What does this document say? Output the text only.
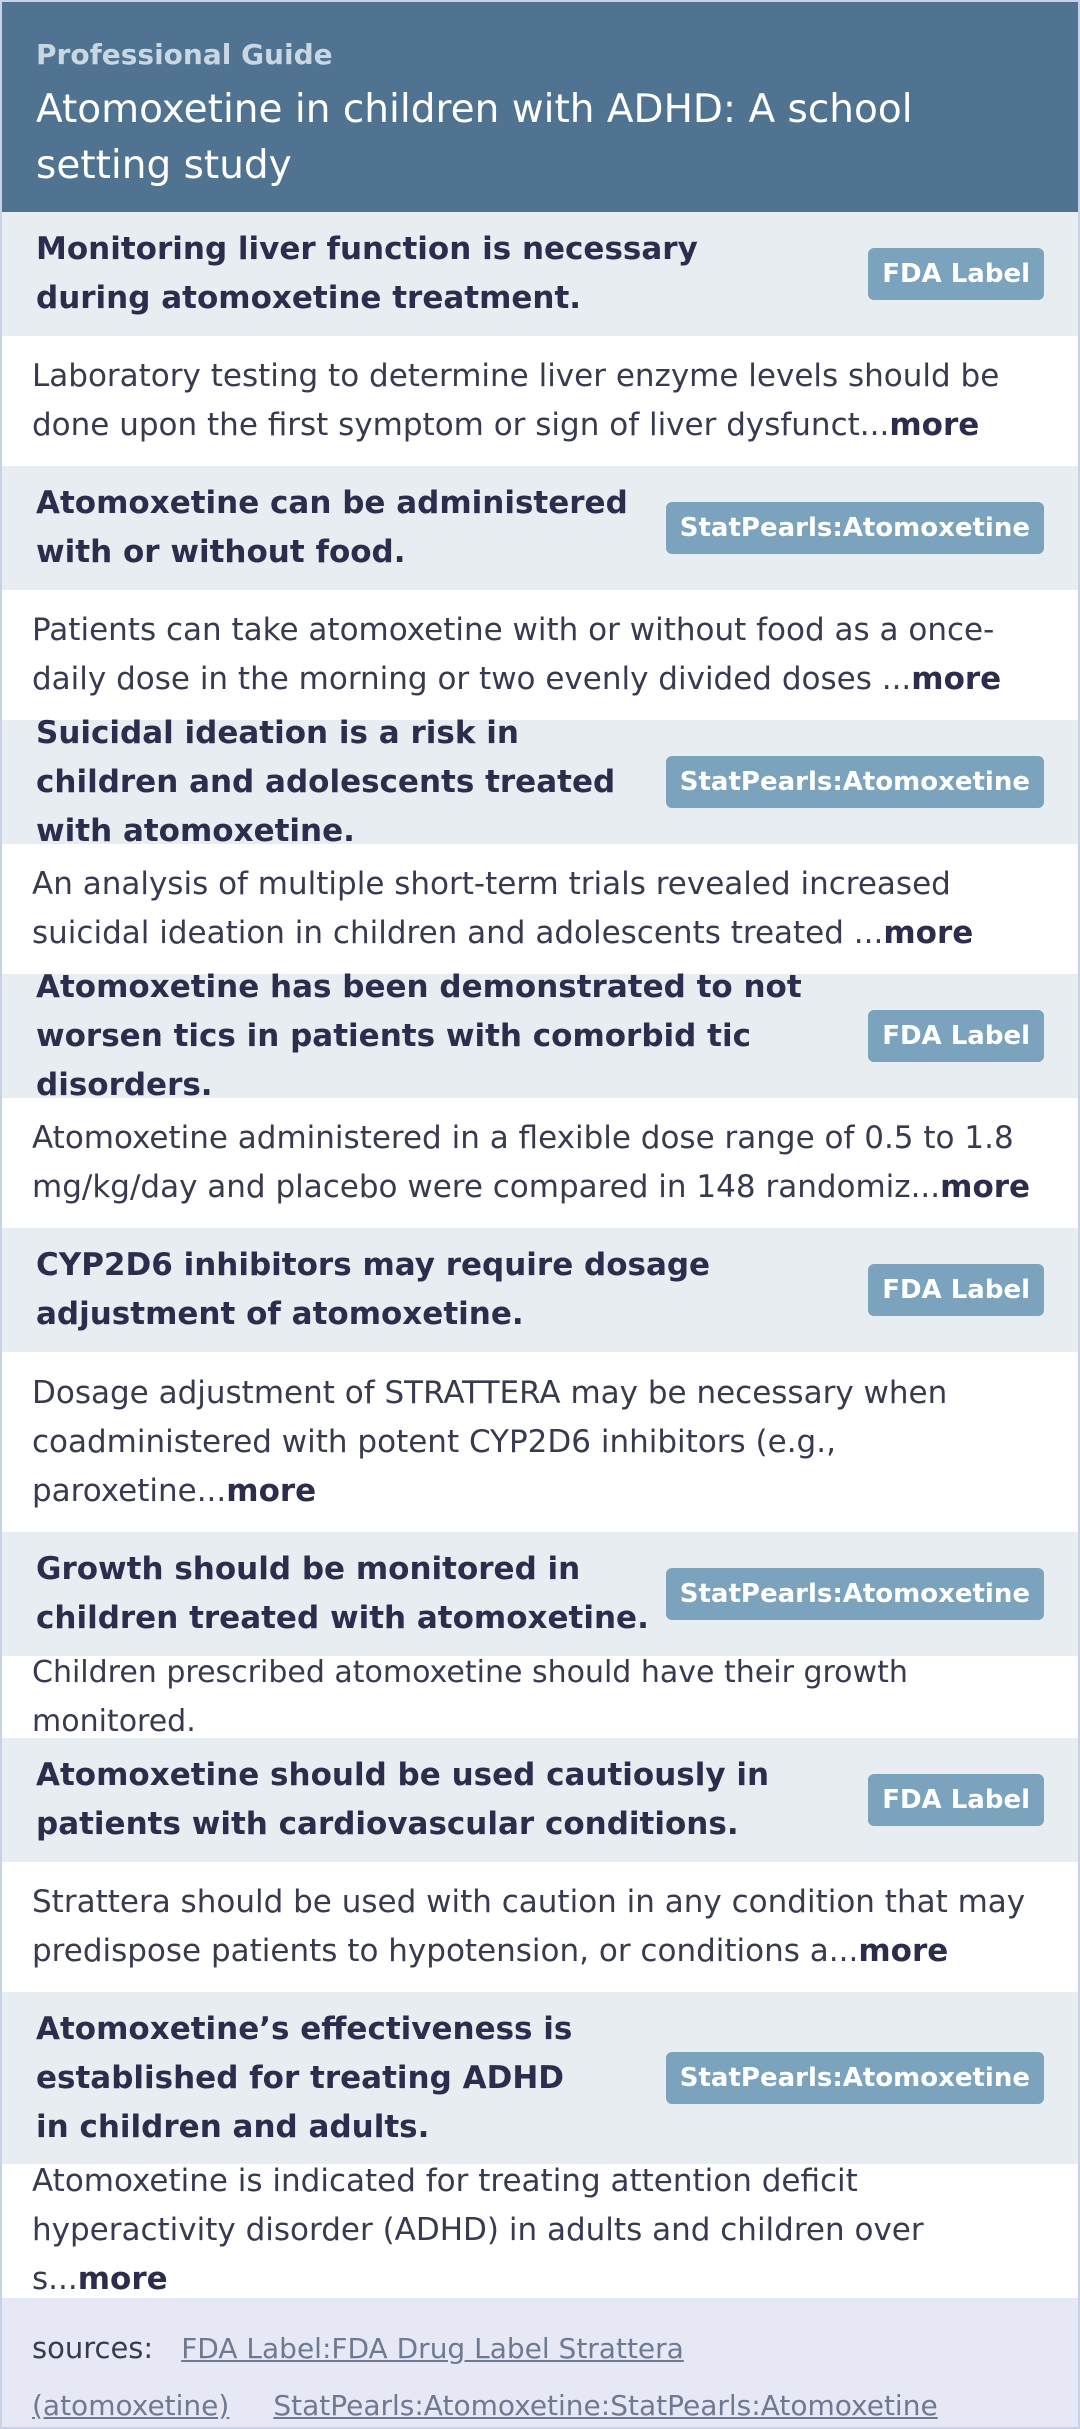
Professional Guide
Atomoxetine in children with ADHD: A school setting study
Monitoring liver function is necessary during atomoxetine treatment.
FDA Label
Laboratory testing to determine liver enzyme levels should be done upon the first symptom or sign of liver dysfunct...more
Atomoxetine can be administered with or without food.
StatPearls:Atomoxetine
Patients can take atomoxetine with or without food as a once-daily dose in the morning or two evenly divided doses ...more
Suicidal ideation is a risk in children and adolescents treated with atomoxetine.
StatPearls:Atomoxetine
An analysis of multiple short-term trials revealed increased suicidal ideation in children and adolescents treated ...more
Atomoxetine has been demonstrated to not worsen tics in patients with comorbid tic disorders.
FDA Label
Atomoxetine administered in a flexible dose range of 0.5 to 1.8 mg/kg/day and placebo were compared in 148 randomiz...more
CYP2D6 inhibitors may require dosage adjustment of atomoxetine.
FDA Label
Dosage adjustment of STRATTERA may be necessary when coadministered with potent CYP2D6 inhibitors (e.g., paroxetine...more
Growth should be monitored in children treated with atomoxetine.
StatPearls:Atomoxetine
Children prescribed atomoxetine should have their growth monitored.
Atomoxetine should be used cautiously in patients with cardiovascular conditions.
FDA Label
Strattera should be used with caution in any condition that may predispose patients to hypotension, or conditions a...more
Atomoxetine’s effectiveness is established for treating ADHD in children and adults.
StatPearls:Atomoxetine
Atomoxetine is indicated for treating attention deficit hyperactivity disorder (ADHD) in adults and children over s...more
sources: FDA Label:FDA Drug Label Strattera (atomoxetine) StatPearls:Atomoxetine:StatPearls:Atomoxetine
